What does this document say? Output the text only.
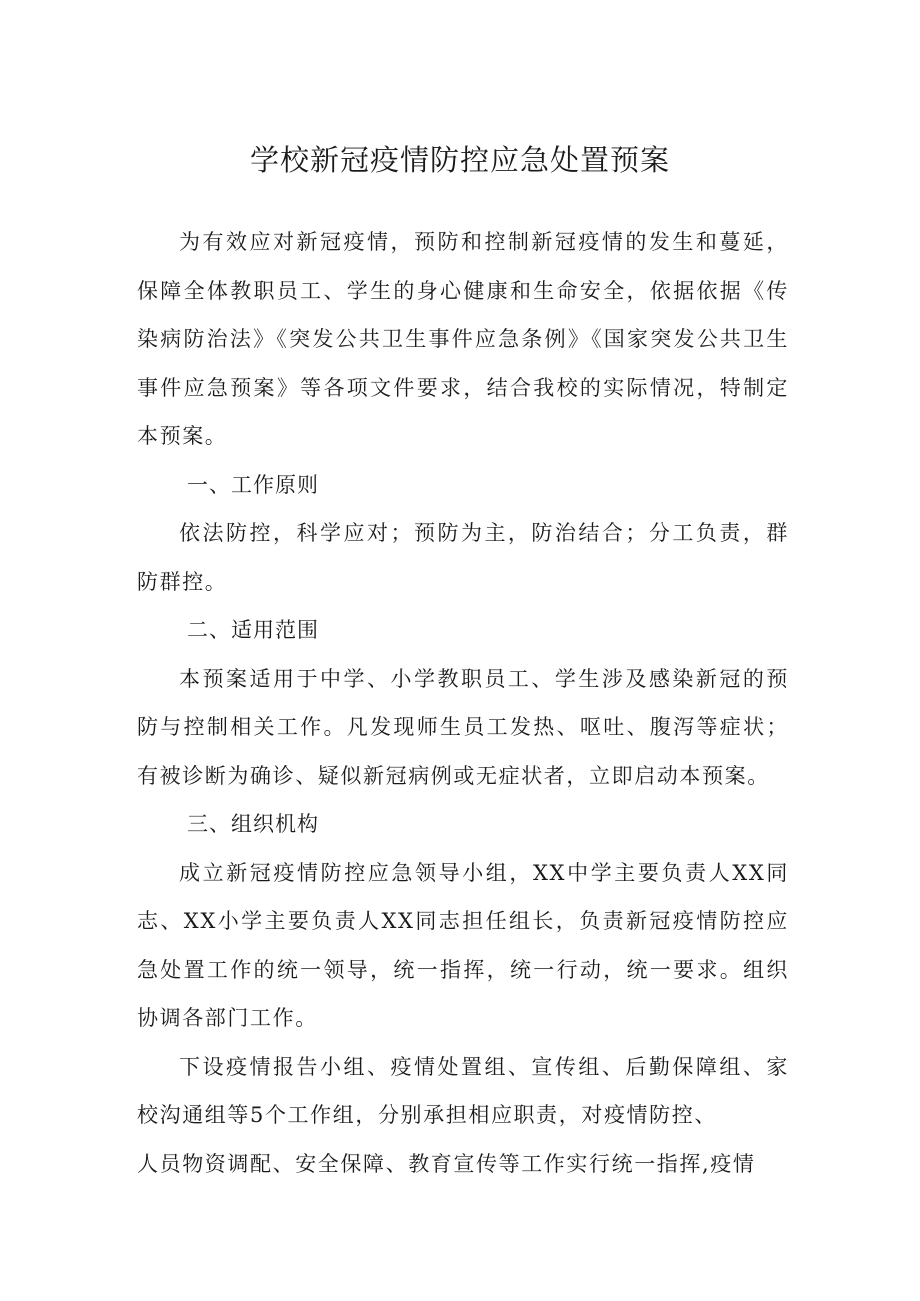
学校新冠疫情防控应急处置预案

为有效应对新冠疫情，预防和控制新冠疫情的发生和蔓延，保障全体教职员工、学生的身心健康和生命安全，依据依据《传染病防治法》《突发公共卫生事件应急条例》《国家突发公共卫生事件应急预案》等各项文件要求，结合我校的实际情况，特制定本预案。

一、工作原则

依法防控，科学应对；预防为主，防治结合；分工负责，群防群控。

二、适用范围

本预案适用于中学、小学教职员工、学生涉及感染新冠的预防与控制相关工作。凡发现师生员工发热、呕吐、腹泻等症状；有被诊断为确诊、疑似新冠病例或无症状者，立即启动本预案。

三、组织机构

成立新冠疫情防控应急领导小组，XX中学主要负责人XX同志、XX小学主要负责人XX同志担任组长，负责新冠疫情防控应急处置工作的统一领导，统一指挥，统一行动，统一要求。组织协调各部门工作。

下设疫情报告小组、疫情处置组、宣传组、后勤保障组、家校沟通组等5个工作组，分别承担相应职责，对疫情防控、

人员物资调配、安全保障、教育宣传等工作实行统一指挥,疫情
